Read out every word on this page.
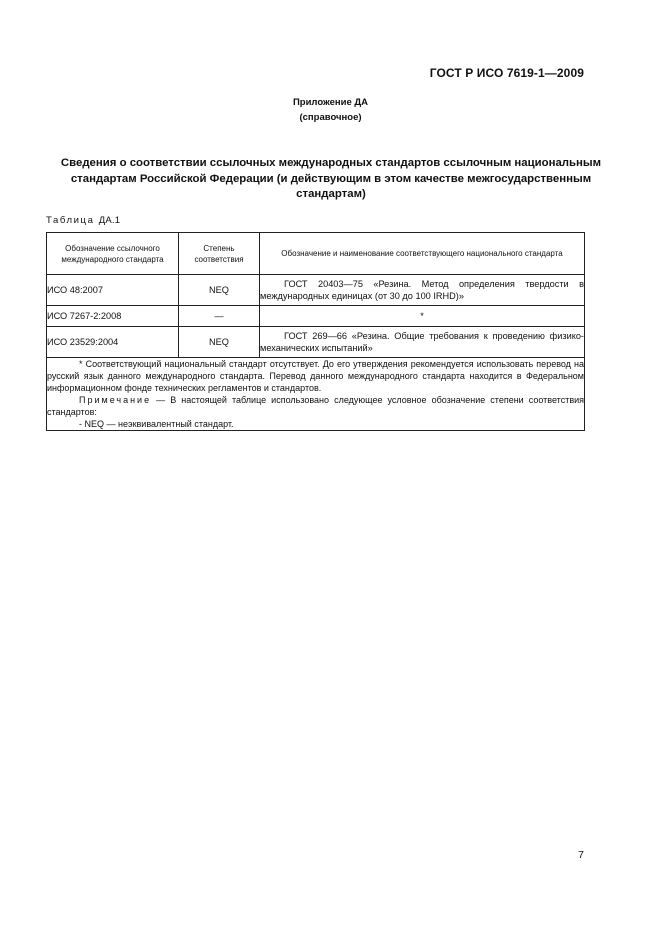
ГОСТ Р ИСО 7619-1—2009
Приложение ДА
(справочное)
Сведения о соответствии ссылочных международных стандартов ссылочным национальным стандартам Российской Федерации (и действующим в этом качестве межгосударственным стандартам)
Таблица ДА.1
Обозначение ссылочного международного стандарта	Степень соответствия	Обозначение и наименование соответствующего национального стандарта
ИСО 48:2007	NEQ	ГОСТ 20403—75 «Резина. Метод определения твердости в международных единицах (от 30 до 100 IRHD)»
ИСО 7267-2:2008	—	*
ИСО 23529:2004	NEQ	ГОСТ 269—66 «Резина. Общие требования к проведению физико-механических испытаний»

* Соответствующий национальный стандарт отсутствует. До его утверждения рекомендуется использовать перевод на русский язык данного международного стандарта. Перевод данного международного стандарта находится в Федеральном информационном фонде технических регламентов и стандартов.

Примечание — В настоящей таблице использовано следующее условное обозначение степени соответствия стандартов:

- NEQ — неэквивалентный стандарт.		

7
